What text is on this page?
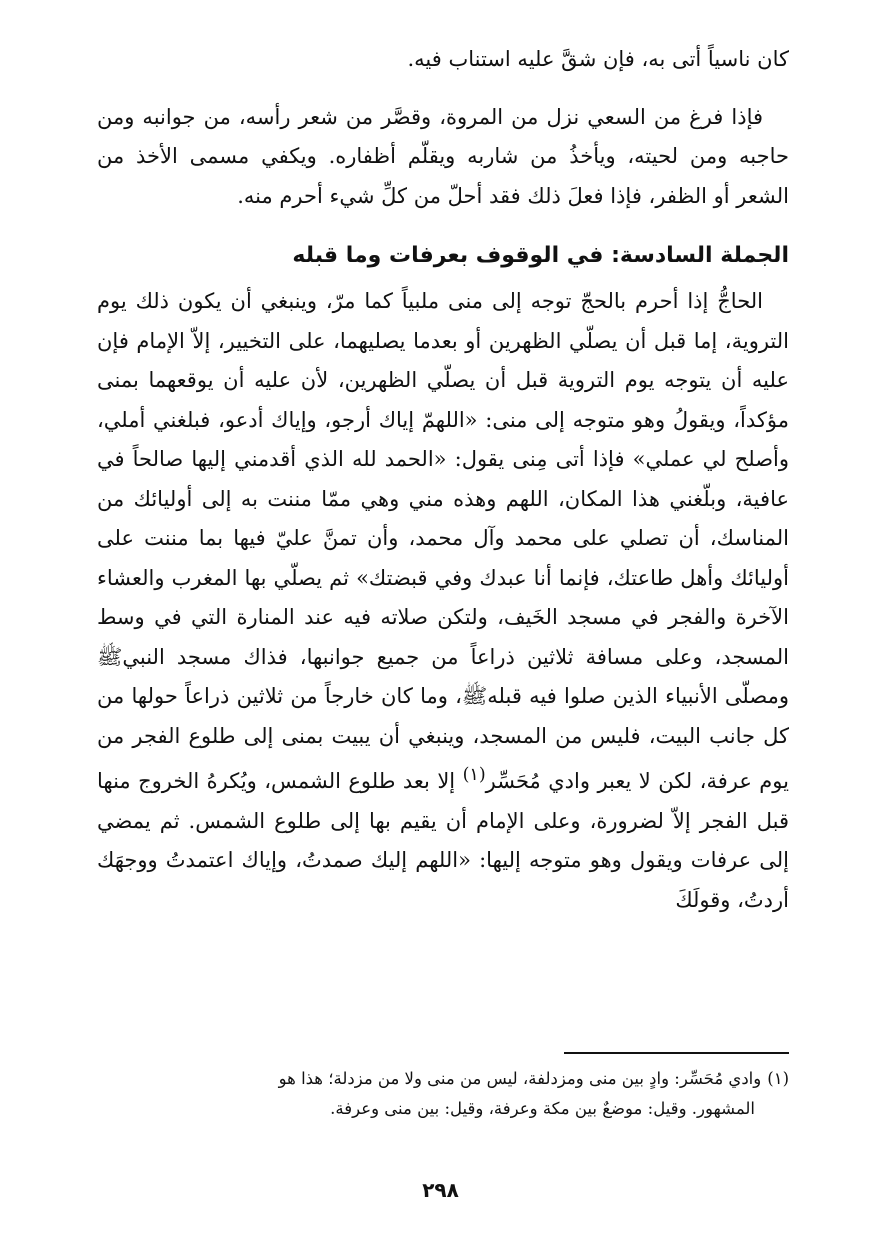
كان ناسياً أتى به، فإن شقَّ عليه استناب فيه.

فإذا فرغ من السعي نزل من المروة، وقصَّر من شعر رأسه، من جوانبه ومن حاجبه ومن لحيته، ويأخذُ من شاربه ويقلّم أظفاره. ويكفي مسمى الأخذ من الشعر أو الظفر، فإذا فعلَ ذلك فقد أحلّ من كلِّ شيء أحرم منه.

الجملة السادسة: في الوقوف بعرفات وما قبله

الحاجُّ إذا أحرم بالحجّ توجه إلى منى ملبياً كما مرّ، وينبغي أن يكون ذلك يوم التروية، إما قبل أن يصلّي الظهرين أو بعدما يصليهما، على التخيير، إلاّ الإمام فإن عليه أن يتوجه يوم التروية قبل أن يصلّي الظهرين، لأن عليه أن يوقعهما بمنى مؤكداً، ويقولُ وهو متوجه إلى منى: «اللهمّ إياك أرجو، وإياك أدعو، فبلغني أملي، وأصلح لي عملي» فإذا أتى مِنى يقول: «الحمد لله الذي أقدمني إليها صالحاً في عافية، وبلّغني هذا المكان، اللهم وهذه مني وهي ممّا مننت به إلى أوليائك من المناسك، أن تصلي على محمد وآل محمد، وأن تمنَّ عليّ فيها بما مننت على أوليائك وأهل طاعتك، فإنما أنا عبدك وفي قبضتك» ثم يصلّي بها المغرب والعشاء الآخرة والفجر في مسجد الخَيف، ولتكن صلاته فيه عند المنارة التي في وسط المسجد، وعلى مسافة ثلاثين ذراعاً من جميع جوانبها، فذاك مسجد النبيﷺ ومصلّى الأنبياء الذين صلوا فيه قبلهﷺ، وما كان خارجاً من ثلاثين ذراعاً حولها من كل جانب البيت، فليس من المسجد، وينبغي أن يبيت بمنى إلى طلوع الفجر من يوم عرفة، لكن لا يعبر وادي مُحَسِّر$^{(١)}$ إلا بعد طلوع الشمس، ويُكرهُ الخروج منها قبل الفجر إلاّ لضرورة، وعلى الإمام أن يقيم بها إلى طلوع الشمس. ثم يمضي إلى عرفات ويقول وهو متوجه إليها: «اللهم إليك صمدتُ، وإياك اعتمدتُ ووجهَك أردتُ، وقولَكَ

(١)وادي مُحَسِّر: وادٍ بين منى ومزدلفة، ليس من منى ولا من مزدلة؛ هذا هو

المشهور. وقيل: موضعٌ بين مكة وعرفة، وقيل: بين منى وعرفة.

٢٩٨
